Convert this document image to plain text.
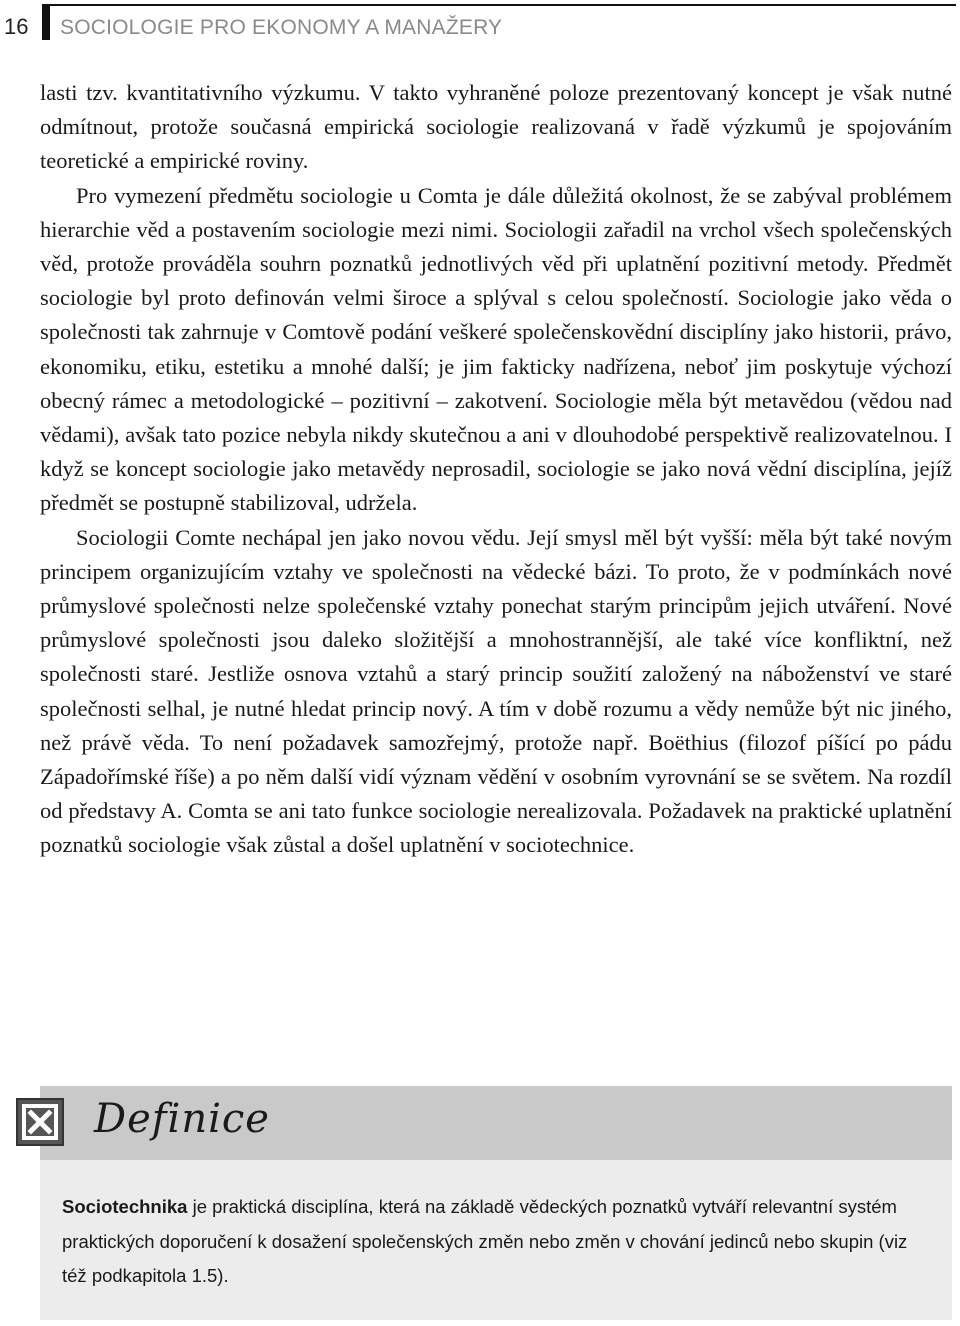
16 SOCIOLOGIE PRO EKONOMY A MANAŽERY

lasti tzv. kvantitativního výzkumu. V takto vyhraněné poloze prezentovaný koncept je však nutné odmítnout, protože současná empirická sociologie realizovaná v řadě výzkumů je spojováním teoretické a empirické roviny.

Pro vymezení předmětu sociologie u Comta je dále důležitá okolnost, že se zabýval problémem hierarchie věd a postavením sociologie mezi nimi. Sociologii zařadil na vrchol všech společenských věd, protože prováděla souhrn poznatků jednotlivých věd při uplatnění pozitivní metody. Předmět sociologie byl proto definován velmi široce a splýval s celou společností. Sociologie jako věda o společnosti tak zahrnuje v Comtově podání veškeré společenskovědní disciplíny jako historii, právo, ekonomiku, etiku, estetiku a mnohé další; je jim fakticky nadřízena, neboť jim poskytuje výchozí obecný rámec a metodologické – pozitivní – zakotvení. Sociologie měla být metavědou (vědou nad vědami), avšak tato pozice nebyla nikdy skutečnou a ani v dlouhodobé perspektivě realizovatelnou. I když se koncept sociologie jako metavědy neprosadil, sociologie se jako nová vědní disciplína, jejíž předmět se postupně stabilizoval, udržela.

Sociologii Comte nechápal jen jako novou vědu. Její smysl měl být vyšší: měla být také novým principem organizujícím vztahy ve společnosti na vědecké bázi. To proto, že v podmínkách nové průmyslové společnosti nelze společenské vztahy ponechat starým principům jejich utváření. Nové průmyslové společnosti jsou daleko složitější a mnohostrannější, ale také více konfliktní, než společnosti staré. Jestliže osnova vztahů a starý princip soužití založený na náboženství ve staré společnosti selhal, je nutné hledat princip nový. A tím v době rozumu a vědy nemůže být nic jiného, než právě věda. To není požadavek samozřejmý, protože např. Boëthius (filozof píšící po pádu Západořímské říše) a po něm další vidí význam vědění v osobním vyrovnání se se světem. Na rozdíl od představy A. Comta se ani tato funkce sociologie nerealizovala. Požadavek na praktické uplatnění poznatků sociologie však zůstal a došel uplatnění v sociotechnice.

Definice

Sociotechnika je praktická disciplína, která na základě vědeckých poznatků vytváří relevantní systém praktických doporučení k dosažení společenských změn nebo změn v chování jedinců nebo skupin (viz též podkapitola 1.5).
